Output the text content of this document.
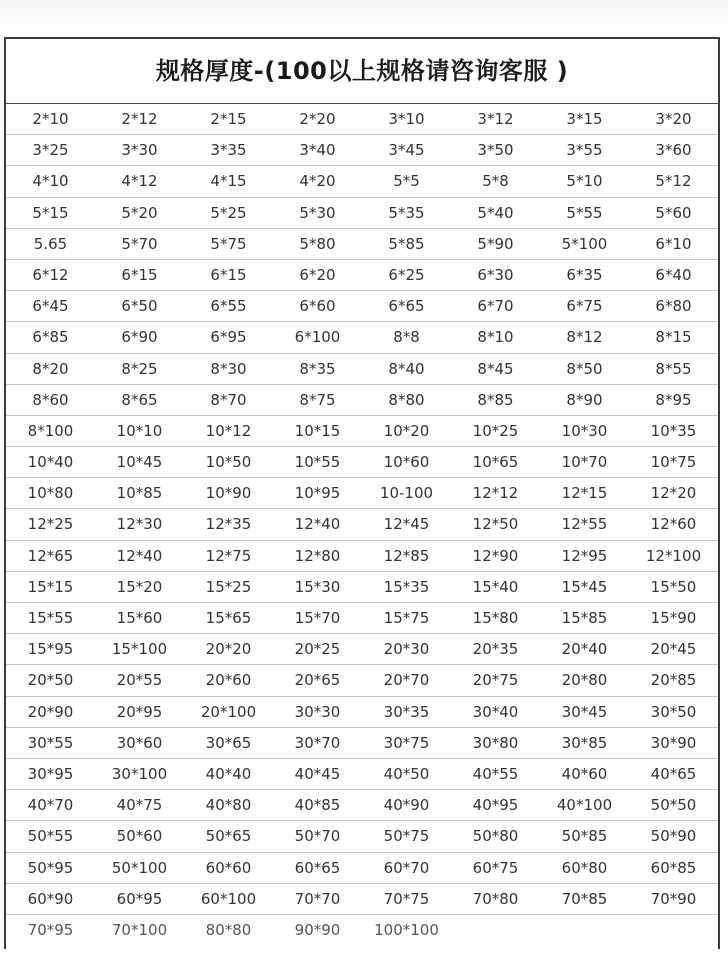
规格厚度-(100以上规格请咨询客服 )
2*10	2*12	2*15	2*20	3*10	3*12	3*15	3*20
3*25	3*30	3*35	3*40	3*45	3*50	3*55	3*60
4*10	4*12	4*15	4*20	5*5	5*8	5*10	5*12
5*15	5*20	5*25	5*30	5*35	5*40	5*55	5*60
5.65	5*70	5*75	5*80	5*85	5*90	5*100	6*10
6*12	6*15	6*15	6*20	6*25	6*30	6*35	6*40
6*45	6*50	6*55	6*60	6*65	6*70	6*75	6*80
6*85	6*90	6*95	6*100	8*8	8*10	8*12	8*15
8*20	8*25	8*30	8*35	8*40	8*45	8*50	8*55
8*60	8*65	8*70	8*75	8*80	8*85	8*90	8*95
8*100	10*10	10*12	10*15	10*20	10*25	10*30	10*35
10*40	10*45	10*50	10*55	10*60	10*65	10*70	10*75
10*80	10*85	10*90	10*95	10-100	12*12	12*15	12*20
12*25	12*30	12*35	12*40	12*45	12*50	12*55	12*60
12*65	12*40	12*75	12*80	12*85	12*90	12*95	12*100
15*15	15*20	15*25	15*30	15*35	15*40	15*45	15*50
15*55	15*60	15*65	15*70	15*75	15*80	15*85	15*90
15*95	15*100	20*20	20*25	20*30	20*35	20*40	20*45
20*50	20*55	20*60	20*65	20*70	20*75	20*80	20*85
20*90	20*95	20*100	30*30	30*35	30*40	30*45	30*50
30*55	30*60	30*65	30*70	30*75	30*80	30*85	30*90
30*95	30*100	40*40	40*45	40*50	40*55	40*60	40*65
40*70	40*75	40*80	40*85	40*90	40*95	40*100	50*50
50*55	50*60	50*65	50*70	50*75	50*80	50*85	50*90
50*95	50*100	60*60	60*65	60*70	60*75	60*80	60*85
60*90	60*95	60*100	70*70	70*75	70*80	70*85	70*90
70*95	70*100	80*80	90*90	100*100
